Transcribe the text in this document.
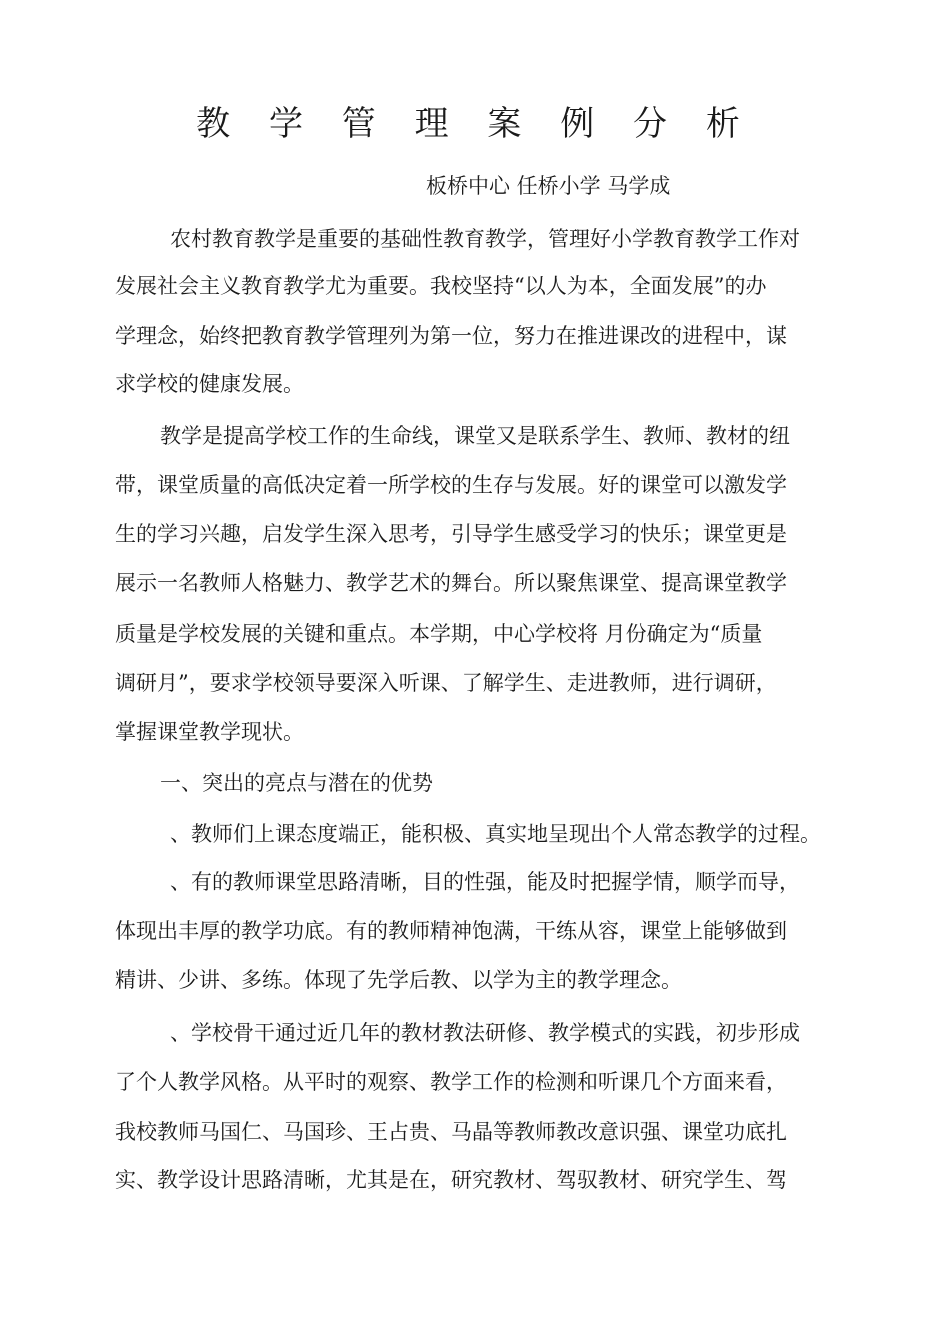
教 学 管 理 案 例 分 析
板桥中心 任桥小学 马学成
农村教育教学是重要的基础性教育教学，管理好小学教育教学工作对
发展社会主义教育教学尤为重要。我校坚持“以人为本，全面发展”的办
学理念，始终把教育教学管理列为第一位，努力在推进课改的进程中，谋
求学校的健康发展。
教学是提高学校工作的生命线，课堂又是联系学生、教师、教材的纽
带，课堂质量的高低决定着一所学校的生存与发展。好的课堂可以激发学
生的学习兴趣，启发学生深入思考，引导学生感受学习的快乐；课堂更是
展示一名教师人格魅力、教学艺术的舞台。所以聚焦课堂、提高课堂教学
质量是学校发展的关键和重点。本学期，中心学校将 月份确定为“质量
调研月”，要求学校领导要深入听课、了解学生、走进教师，进行调研，
掌握课堂教学现状。
一、突出的亮点与潜在的优势
、教师们上课态度端正，能积极、真实地呈现出个人常态教学的过程。
、有的教师课堂思路清晰，目的性强，能及时把握学情，顺学而导，
体现出丰厚的教学功底。有的教师精神饱满，干练从容，课堂上能够做到
精讲、少讲、多练。体现了先学后教、以学为主的教学理念。
、学校骨干通过近几年的教材教法研修、教学模式的实践，初步形成
了个人教学风格。从平时的观察、教学工作的检测和听课几个方面来看，
我校教师马国仁、马国珍、王占贵、马晶等教师教改意识强、课堂功底扎
实、教学设计思路清晰，尤其是在，研究教材、驾驭教材、研究学生、驾
